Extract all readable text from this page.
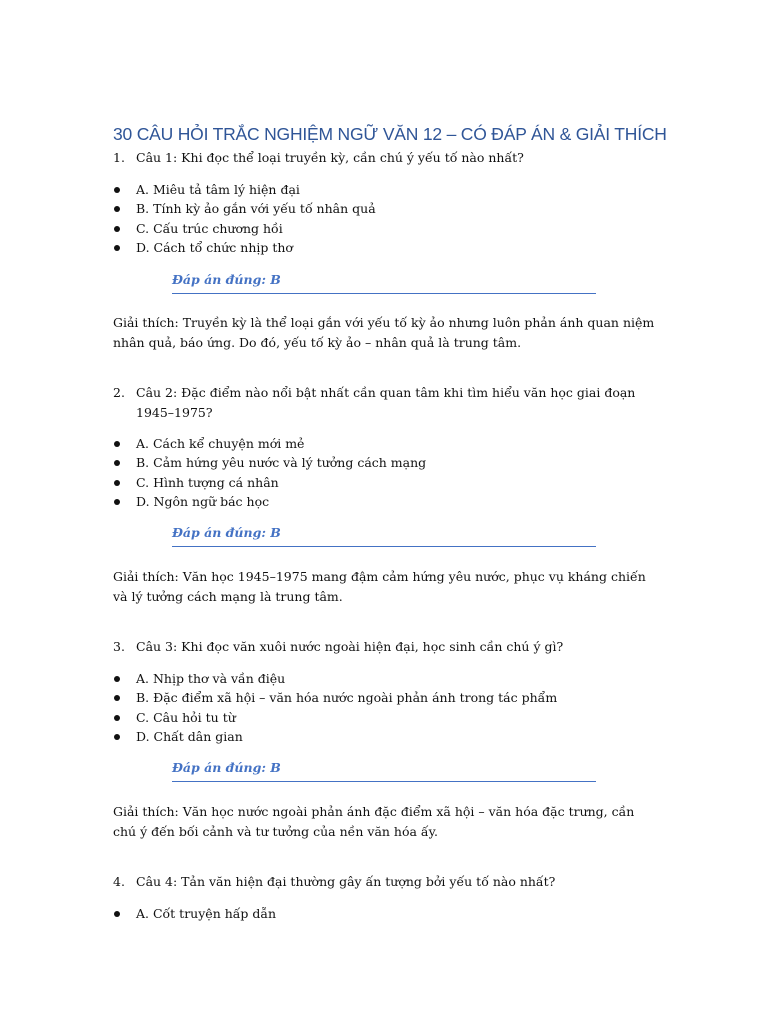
30 CÂU HỎI TRẮC NGHIỆM NGỮ VĂN 12 – CÓ ĐÁP ÁN & GIẢI THÍCH
1. Câu 1: Khi đọc thể loại truyền kỳ, cần chú ý yếu tố nào nhất?
A. Miêu tả tâm lý hiện đại
B. Tính kỳ ảo gắn với yếu tố nhân quả
C. Cấu trúc chương hồi
D. Cách tổ chức nhịp thơ
Đáp án đúng: B
Giải thích: Truyền kỳ là thể loại gắn với yếu tố kỳ ảo nhưng luôn phản ánh quan niệm nhân quả, báo ứng. Do đó, yếu tố kỳ ảo – nhân quả là trung tâm.
2. Câu 2: Đặc điểm nào nổi bật nhất cần quan tâm khi tìm hiểu văn học giai đoạn 1945–1975?
A. Cách kể chuyện mới mẻ
B. Cảm hứng yêu nước và lý tưởng cách mạng
C. Hình tượng cá nhân
D. Ngôn ngữ bác học
Đáp án đúng: B
Giải thích: Văn học 1945–1975 mang đậm cảm hứng yêu nước, phục vụ kháng chiến và lý tưởng cách mạng là trung tâm.
3. Câu 3: Khi đọc văn xuôi nước ngoài hiện đại, học sinh cần chú ý gì?
A. Nhịp thơ và vần điệu
B. Đặc điểm xã hội – văn hóa nước ngoài phản ánh trong tác phẩm
C. Câu hỏi tu từ
D. Chất dân gian
Đáp án đúng: B
Giải thích: Văn học nước ngoài phản ánh đặc điểm xã hội – văn hóa đặc trưng, cần chú ý đến bối cảnh và tư tưởng của nền văn hóa ấy.
4. Câu 4: Tản văn hiện đại thường gây ấn tượng bởi yếu tố nào nhất?
A. Cốt truyện hấp dẫn
